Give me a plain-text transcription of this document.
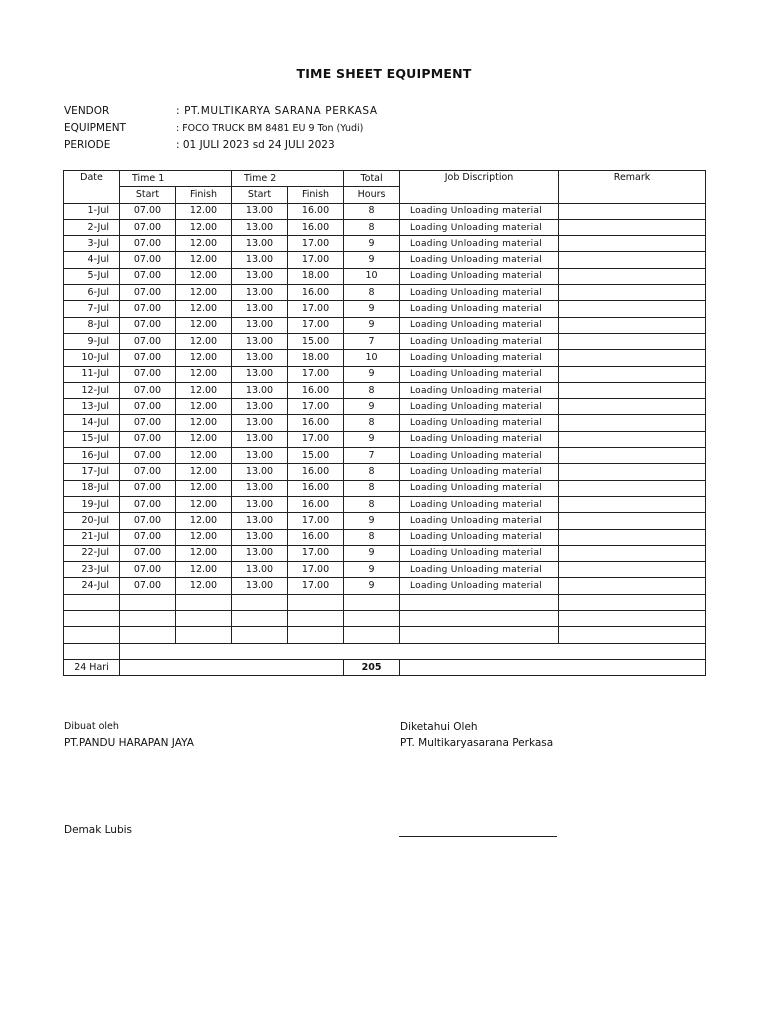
TIME SHEET EQUIPMENT
VENDOR	: PT.MULTIKARYA SARANA PERKASA
EQUIPMENT	: FOCO TRUCK BM 8481 EU 9 Ton (Yudi)
PERIODE	: 01 JULI 2023 sd 24 JULI 2023
Date	Time 1		Time 2		Total	Job Discription	Remark
	Start	Finish	Start	Finish	Hours		
1-Jul	07.00	12.00	13.00	16.00	8	Loading Unloading material	
2-Jul	07.00	12.00	13.00	16.00	8	Loading Unloading material	
3-Jul	07.00	12.00	13.00	17.00	9	Loading Unloading material	
4-Jul	07.00	12.00	13.00	17.00	9	Loading Unloading material	
5-Jul	07.00	12.00	13.00	18.00	10	Loading Unloading material	
6-Jul	07.00	12.00	13.00	16.00	8	Loading Unloading material	
7-Jul	07.00	12.00	13.00	17.00	9	Loading Unloading material	
8-Jul	07.00	12.00	13.00	17.00	9	Loading Unloading material	
9-Jul	07.00	12.00	13.00	15.00	7	Loading Unloading material	
10-Jul	07.00	12.00	13.00	18.00	10	Loading Unloading material	
11-Jul	07.00	12.00	13.00	17.00	9	Loading Unloading material	
12-Jul	07.00	12.00	13.00	16.00	8	Loading Unloading material	
13-Jul	07.00	12.00	13.00	17.00	9	Loading Unloading material	
14-Jul	07.00	12.00	13.00	16.00	8	Loading Unloading material	
15-Jul	07.00	12.00	13.00	17.00	9	Loading Unloading material	
16-Jul	07.00	12.00	13.00	15.00	7	Loading Unloading material	
17-Jul	07.00	12.00	13.00	16.00	8	Loading Unloading material	
18-Jul	07.00	12.00	13.00	16.00	8	Loading Unloading material	
19-Jul	07.00	12.00	13.00	16.00	8	Loading Unloading material	
20-Jul	07.00	12.00	13.00	17.00	9	Loading Unloading material	
21-Jul	07.00	12.00	13.00	16.00	8	Loading Unloading material	
22-Jul	07.00	12.00	13.00	17.00	9	Loading Unloading material	
23-Jul	07.00	12.00	13.00	17.00	9	Loading Unloading material	
24-Jul	07.00	12.00	13.00	17.00	9	Loading Unloading material	

24 Hari					205		
Dibuat oleh
PT.PANDU HARAPAN JAYA
Demak Lubis
Diketahui Oleh
PT. Multikaryasarana Perkasa
